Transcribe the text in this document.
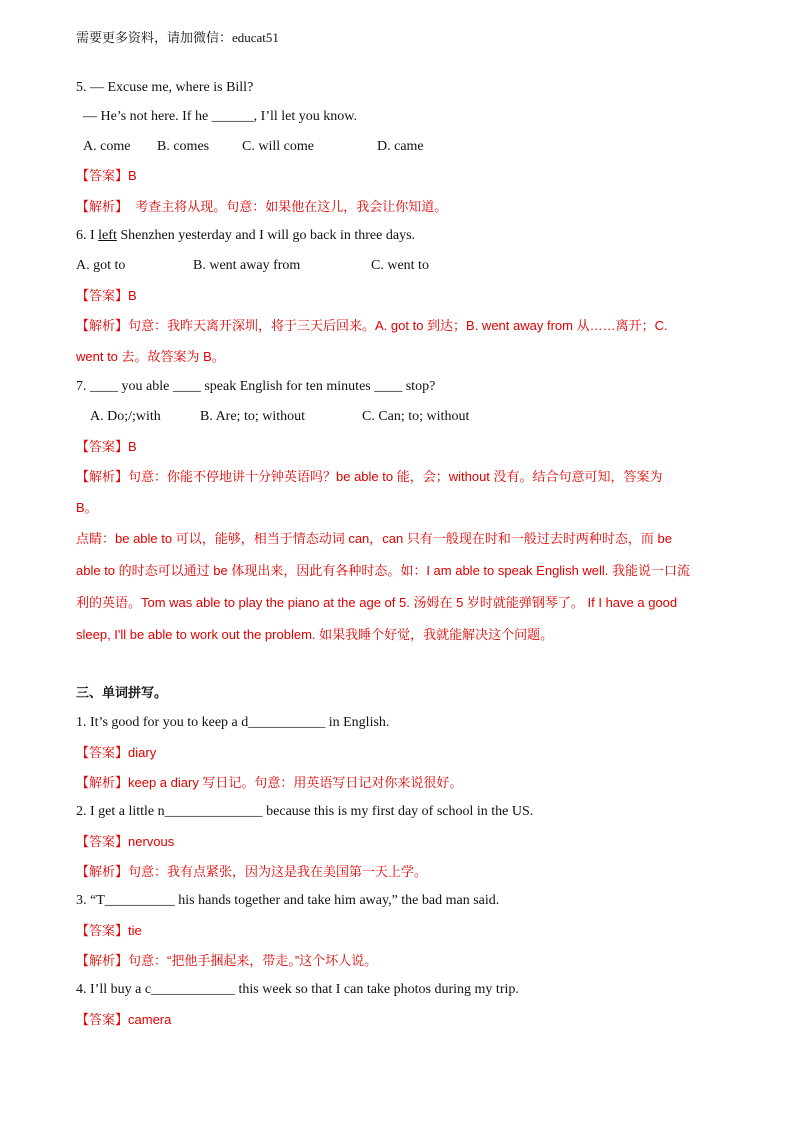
需要更多资料，请加微信：educat51
5. — Excuse me, where is Bill?
— He’s not here. If he ______, I’ll let you know.
A. come B. comes C. will come	D. came
【答案】B
【解析】 考查主将从现。句意：如果他在这儿，我会让你知道。
6. I left Shenzhen yesterday and I will go back in three days.
A. got to	B. went away from	C. went to
【答案】B
【解析】句意：我昨天离开深圳，将于三天后回来。A. got to 到达；B. went away from 从……离开；C.
went to 去。故答案为 B。
7. ____ you able ____ speak English for ten minutes ____ stop?
A. Do;/;with	B. Are; to; without	C. Can; to; without
【答案】B
【解析】句意：你能不停地讲十分钟英语吗？be able to 能，会；without 没有。结合句意可知，答案为
B。
点睛：be able to 可以，能够，相当于情态动词 can，can 只有一般现在时和一般过去时两种时态，而 be
able to 的时态可以通过 be 体现出来，因此有各种时态。如：I am able to speak English well. 我能说一口流
利的英语。Tom was able to play the piano at the age of 5. 汤姆在 5 岁时就能弹钢琴了。 If I have a good
sleep, I'll be able to work out the problem. 如果我睡个好觉，我就能解决这个问题。
三、单词拼写。
1. It’s good for you to keep a d___________ in English.
【答案】diary
【解析】keep a diary 写日记。句意：用英语写日记对你来说很好。
2. I get a little n______________ because this is my first day of school in the US.
【答案】nervous
【解析】句意：我有点紧张，因为这是我在美国第一天上学。
3. “T__________ his hands together and take him away,” the bad man said.
【答案】tie
【解析】句意：“把他手捆起来，带走。”这个坏人说。
4. I’ll buy a c____________ this week so that I can take photos during my trip.
【答案】camera
